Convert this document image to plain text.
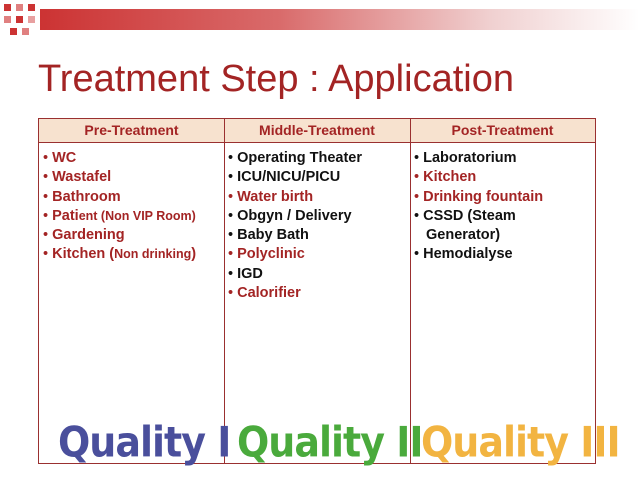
Treatment Step : Application
Pre-Treatment	Middle-Treatment	Post-Treatment
• WC
• Wastafel
• Bathroom
• Patient (Non VIP Room)
• Gardening
• Kitchen (Non drinking)
• Operating Theater
• ICU/NICU/PICU
• Water birth
• Obgyn / Delivery
• Baby Bath
• Polyclinic
• IGD
• Calorifier
• Laboratorium
• Kitchen
• Drinking fountain
• CSSD (Steam
Generator)
• Hemodialyse
Quality I Quality II
Quality III
